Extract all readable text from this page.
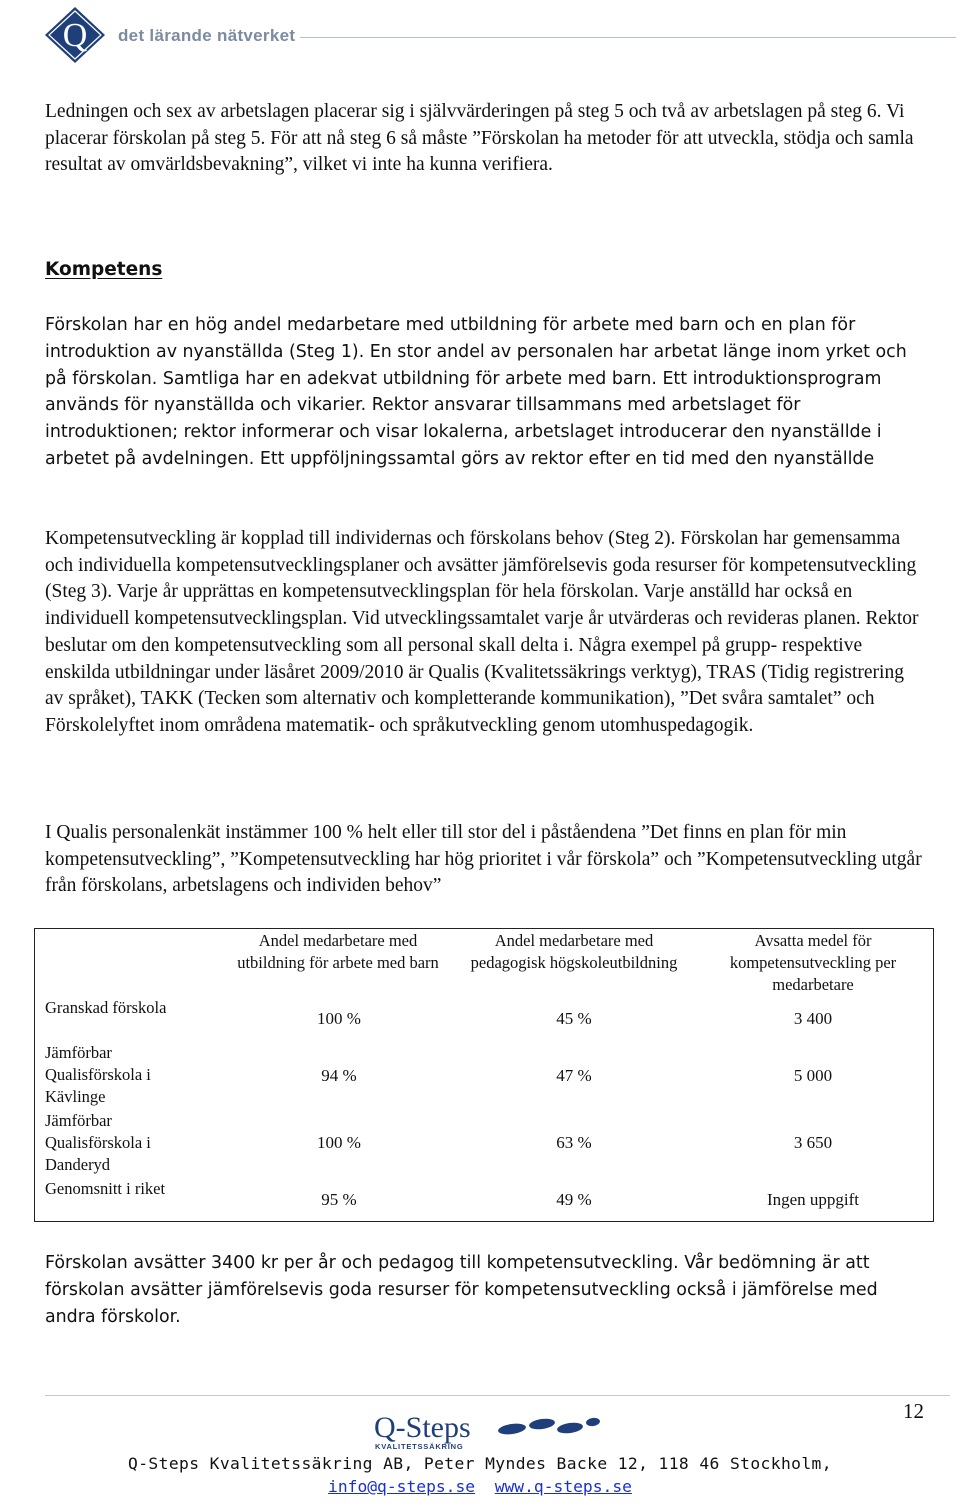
Q det lärande nätverket

Ledningen och sex av arbetslagen placerar sig i självvärderingen på steg 5 och två av arbetslagen på steg 6. Vi placerar förskolan på steg 5. För att nå steg 6 så måste ”Förskolan ha metoder för att utveckla, stödja och samla resultat av omvärldsbevakning”, vilket vi inte ha kunna verifiera.

Kompetens

Förskolan har en hög andel medarbetare med utbildning för arbete med barn och en plan för introduktion av nyanställda (Steg 1). En stor andel av personalen har arbetat länge inom yrket och på förskolan. Samtliga har en adekvat utbildning för arbete med barn. Ett introduktionsprogram används för nyanställda och vikarier. Rektor ansvarar tillsammans med arbetslaget för introduktionen; rektor informerar och visar lokalerna, arbetslaget introducerar den nyanställde i arbetet på avdelningen. Ett uppföljningssamtal görs av rektor efter en tid med den nyanställde

Kompetensutveckling är kopplad till individernas och förskolans behov (Steg 2). Förskolan har gemensamma och individuella kompetensutvecklingsplaner och avsätter jämförelsevis goda resurser för kompetensutveckling (Steg 3). Varje år upprättas en kompetensutvecklingsplan för hela förskolan. Varje anställd har också en individuell kompetensutvecklingsplan. Vid utvecklingssamtalet varje år utvärderas och revideras planen. Rektor beslutar om den kompetensutveckling som all personal skall delta i. Några exempel på grupp- respektive enskilda utbildningar under läsåret 2009/2010 är Qualis (Kvalitetssäkrings verktyg), TRAS (Tidig registrering av språket), TAKK (Tecken som alternativ och kompletterande kommunikation), ”Det svåra samtalet” och Förskolelyftet inom områdena matematik- och språkutveckling genom utomhuspedagogik.

I Qualis personalenkät instämmer 100 % helt eller till stor del i påståendena ”Det finns en plan för min kompetensutveckling”, ”Kompetensutveckling har hög prioritet i vår förskola” och ”Kompetensutveckling utgår från förskolans, arbetslagens och individen behov”

Andel medarbetare med utbildning för arbete med barn
Andel medarbetare med pedagogisk högskoleutbildning
Avsatta medel för kompetensutveckling per medarbetare
Granskad förskola
100 %	45 %	3 400
Jämförbar Qualisförskola i Kävlinge
94 %	47 %	5 000
Jämförbar Qualisförskola i Danderyd
100 %	63 %	3 650
Genomsnitt i riket
95 %	49 %	Ingen uppgift

Förskolan avsätter 3400 kr per år och pedagog till kompetensutveckling. Vår bedömning är att förskolan avsätter jämförelsevis goda resurser för kompetensutveckling också i jämförelse med andra förskolor.

12
Q-Steps
KVALITETSSÄKRING
Q-Steps Kvalitetssäkring AB, Peter Myndes Backe 12, 118 46 Stockholm,
info@q-steps.se www.q-steps.se
